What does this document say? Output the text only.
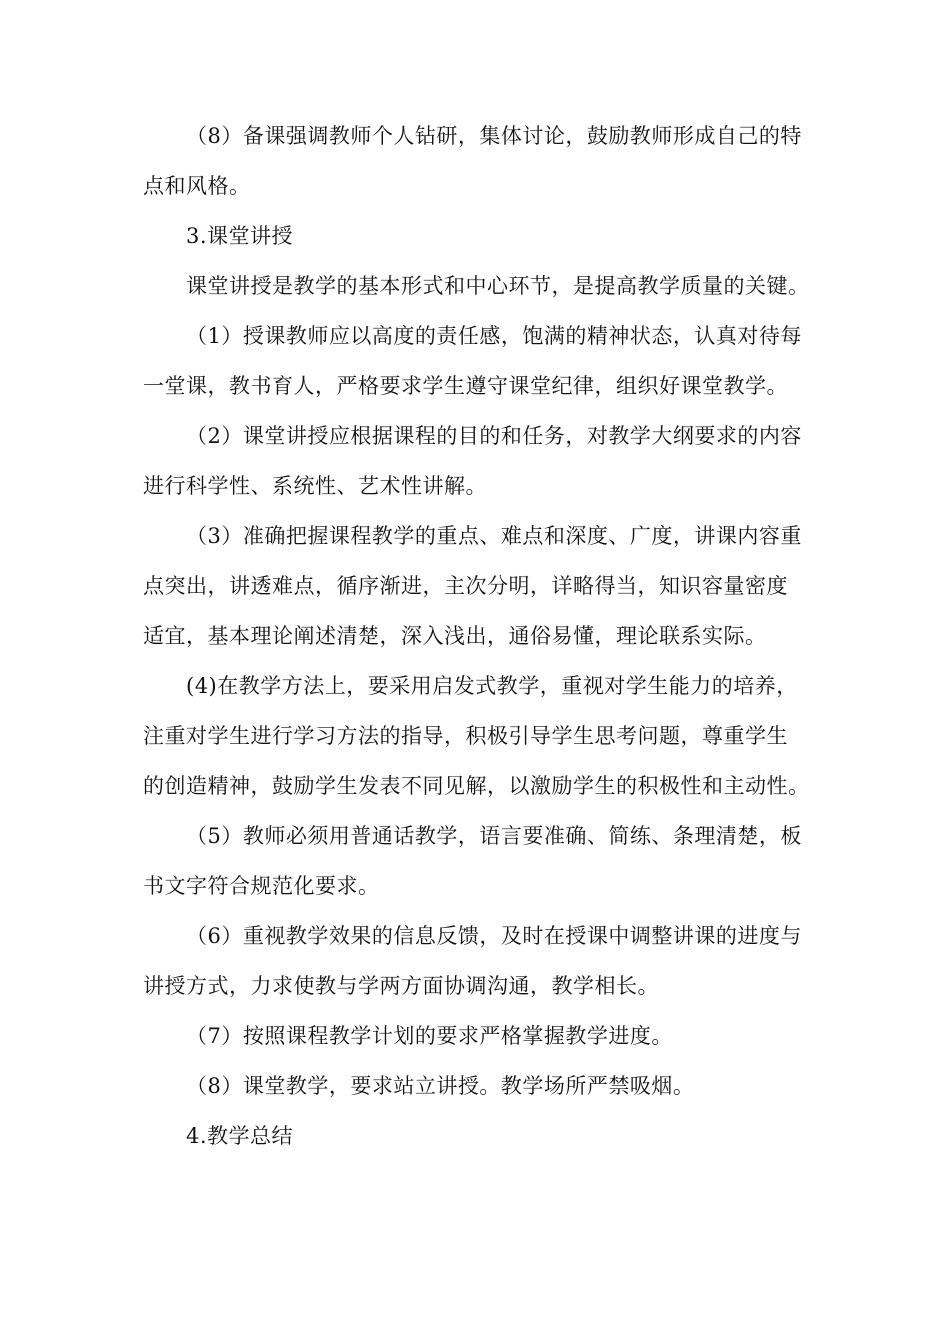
（8）备课强调教师个人钻研，集体讨论，鼓励教师形成自己的特

点和风格。

3.课堂讲授

课堂讲授是教学的基本形式和中心环节，是提高教学质量的关键。

（1）授课教师应以高度的责任感，饱满的精神状态，认真对待每

一堂课，教书育人，严格要求学生遵守课堂纪律，组织好课堂教学。

（2）课堂讲授应根据课程的目的和任务，对教学大纲要求的内容

进行科学性、系统性、艺术性讲解。

（3）准确把握课程教学的重点、难点和深度、广度，讲课内容重

点突出，讲透难点，循序渐进，主次分明，详略得当，知识容量密度

适宜，基本理论阐述清楚，深入浅出，通俗易懂，理论联系实际。

(4)在教学方法上，要采用启发式教学，重视对学生能力的培养，

注重对学生进行学习方法的指导，积极引导学生思考问题，尊重学生

的创造精神，鼓励学生发表不同见解，以激励学生的积极性和主动性。

（5）教师必须用普通话教学，语言要准确、简练、条理清楚，板

书文字符合规范化要求。

（6）重视教学效果的信息反馈，及时在授课中调整讲课的进度与

讲授方式，力求使教与学两方面协调沟通，教学相长。

（7）按照课程教学计划的要求严格掌握教学进度。

（8）课堂教学，要求站立讲授。教学场所严禁吸烟。

4.教学总结
